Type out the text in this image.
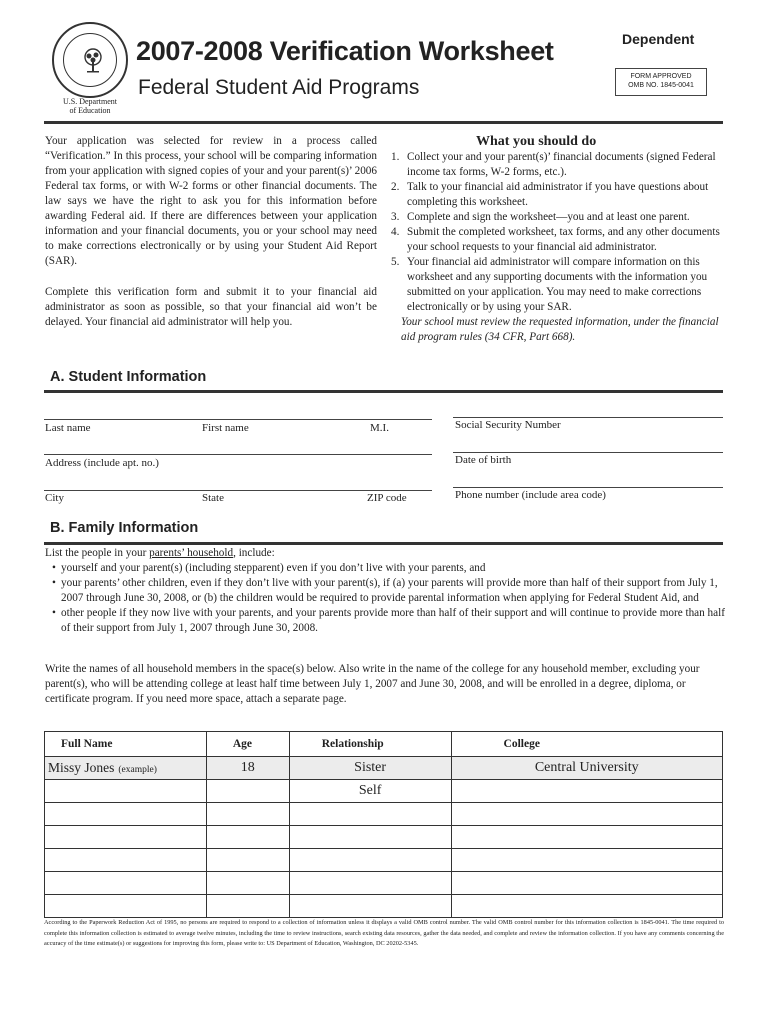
U.S. Department
of Education
2007-2008 Verification Worksheet
Federal Student Aid Programs
Dependent
FORM APPROVED
OMB NO. 1845-0041
Your application was selected for review in a process called “Verification.” In this process, your school will be comparing information from your application with signed copies of your and your parent(s)’ 2006 Federal tax forms, or with W-2 forms or other financial documents. The law says we have the right to ask you for this information before awarding Federal aid. If there are differences between your application information and your financial documents, you or your school may need to make corrections electronically or by using your Student Aid Report (SAR).
Complete this verification form and submit it to your financial aid administrator as soon as possible, so that your financial aid won’t be delayed. Your financial aid administrator will help you.
What you should do
1. Collect your and your parent(s)’ financial documents (signed Federal income tax forms, W-2 forms, etc.).
2. Talk to your financial aid administrator if you have questions about completing this worksheet.
3. Complete and sign the worksheet—you and at least one parent.
4. Submit the completed worksheet, tax forms, and any other documents your school requests to your financial aid administrator.
5. Your financial aid administrator will compare information on this worksheet and any supporting documents with the information you submitted on your application. You may need to make corrections electronically or by using your SAR.
Your school must review the requested information, under the financial aid program rules (34 CFR, Part 668).
A. Student Information
Last name	First name	M.I.	Social Security Number
Address (include apt. no.)	Date of birth
City	State	ZIP code	Phone number (include area code)
B. Family Information
List the people in your parents’ household, include:
• yourself and your parent(s) (including stepparent) even if you don’t live with your parents, and
• your parents’ other children, even if they don’t live with your parent(s), if (a) your parents will provide more than half of their support from July 1, 2007 through June 30, 2008, or (b) the children would be required to provide parental information when applying for Federal Student Aid, and
• other people if they now live with your parents, and your parents provide more than half of their support and will continue to provide more than half of their support from July 1, 2007 through June 30, 2008.
Write the names of all household members in the space(s) below. Also write in the name of the college for any household member, excluding your parent(s), who will be attending college at least half time between July 1, 2007 and June 30, 2008, and will be enrolled in a degree, diploma, or certificate program. If you need more space, attach a separate page.
Full Name	Age	Relationship	College
Missy Jones (example)	18	Sister	Central University
		Self	

According to the Paperwork Reduction Act of 1995, no persons are required to respond to a collection of information unless it displays a valid OMB control number. The valid OMB control number for this information collection is 1845-0041. The time required to complete this information collection is estimated to average twelve minutes, including the time to review instructions, search existing data resources, gather the data needed, and complete and review the information collection. If you have any comments concerning the accuracy of the time estimate(s) or suggestions for improving this form, please write to: US Department of Education, Washington, DC 20202-5345.
